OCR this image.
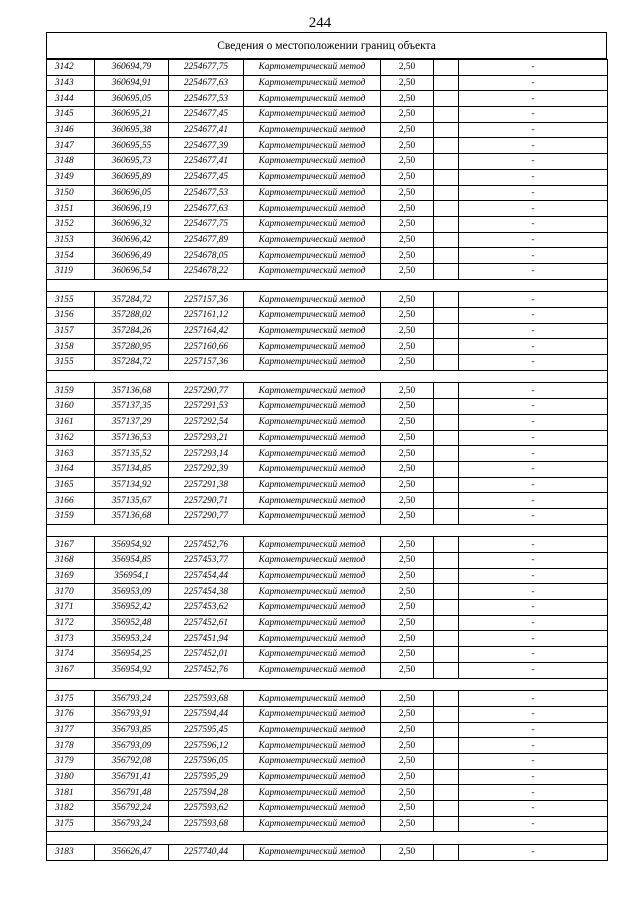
244
Сведения о местоположении границ объекта
3142	360694,79	2254677,75	Картометрический метод	2,50		-
3143	360694,91	2254677,63	Картометрический метод	2,50		-
3144	360695,05	2254677,53	Картометрический метод	2,50		-
3145	360695,21	2254677,45	Картометрический метод	2,50		-
3146	360695,38	2254677,41	Картометрический метод	2,50		-
3147	360695,55	2254677,39	Картометрический метод	2,50		-
3148	360695,73	2254677,41	Картометрический метод	2,50		-
3149	360695,89	2254677,45	Картометрический метод	2,50		-
3150	360696,05	2254677,53	Картометрический метод	2,50		-
3151	360696,19	2254677,63	Картометрический метод	2,50		-
3152	360696,32	2254677,75	Картометрический метод	2,50		-
3153	360696,42	2254677,89	Картометрический метод	2,50		-
3154	360696,49	2254678,05	Картометрический метод	2,50		-
3119	360696,54	2254678,22	Картометрический метод	2,50		-

3155	357284,72	2257157,36	Картометрический метод	2,50		-
3156	357288,02	2257161,12	Картометрический метод	2,50		-
3157	357284,26	2257164,42	Картометрический метод	2,50		-
3158	357280,95	2257160,66	Картометрический метод	2,50		-
3155	357284,72	2257157,36	Картометрический метод	2,50		-

3159	357136,68	2257290,77	Картометрический метод	2,50		-
3160	357137,35	2257291,53	Картометрический метод	2,50		-
3161	357137,29	2257292,54	Картометрический метод	2,50		-
3162	357136,53	2257293,21	Картометрический метод	2,50		-
3163	357135,52	2257293,14	Картометрический метод	2,50		-
3164	357134,85	2257292,39	Картометрический метод	2,50		-
3165	357134,92	2257291,38	Картометрический метод	2,50		-
3166	357135,67	2257290,71	Картометрический метод	2,50		-
3159	357136,68	2257290,77	Картометрический метод	2,50		-

3167	356954,92	2257452,76	Картометрический метод	2,50		-
3168	356954,85	2257453,77	Картометрический метод	2,50		-
3169	356954,1	2257454,44	Картометрический метод	2,50		-
3170	356953,09	2257454,38	Картометрический метод	2,50		-
3171	356952,42	2257453,62	Картометрический метод	2,50		-
3172	356952,48	2257452,61	Картометрический метод	2,50		-
3173	356953,24	2257451,94	Картометрический метод	2,50		-
3174	356954,25	2257452,01	Картометрический метод	2,50		-
3167	356954,92	2257452,76	Картометрический метод	2,50		-

3175	356793,24	2257593,68	Картометрический метод	2,50		-
3176	356793,91	2257594,44	Картометрический метод	2,50		-
3177	356793,85	2257595,45	Картометрический метод	2,50		-
3178	356793,09	2257596,12	Картометрический метод	2,50		-
3179	356792,08	2257596,05	Картометрический метод	2,50		-
3180	356791,41	2257595,29	Картометрический метод	2,50		-
3181	356791,48	2257594,28	Картометрический метод	2,50		-
3182	356792,24	2257593,62	Картометрический метод	2,50		-
3175	356793,24	2257593,68	Картометрический метод	2,50		-

3183	356626,47	2257740,44	Картометрический метод	2,50		-
